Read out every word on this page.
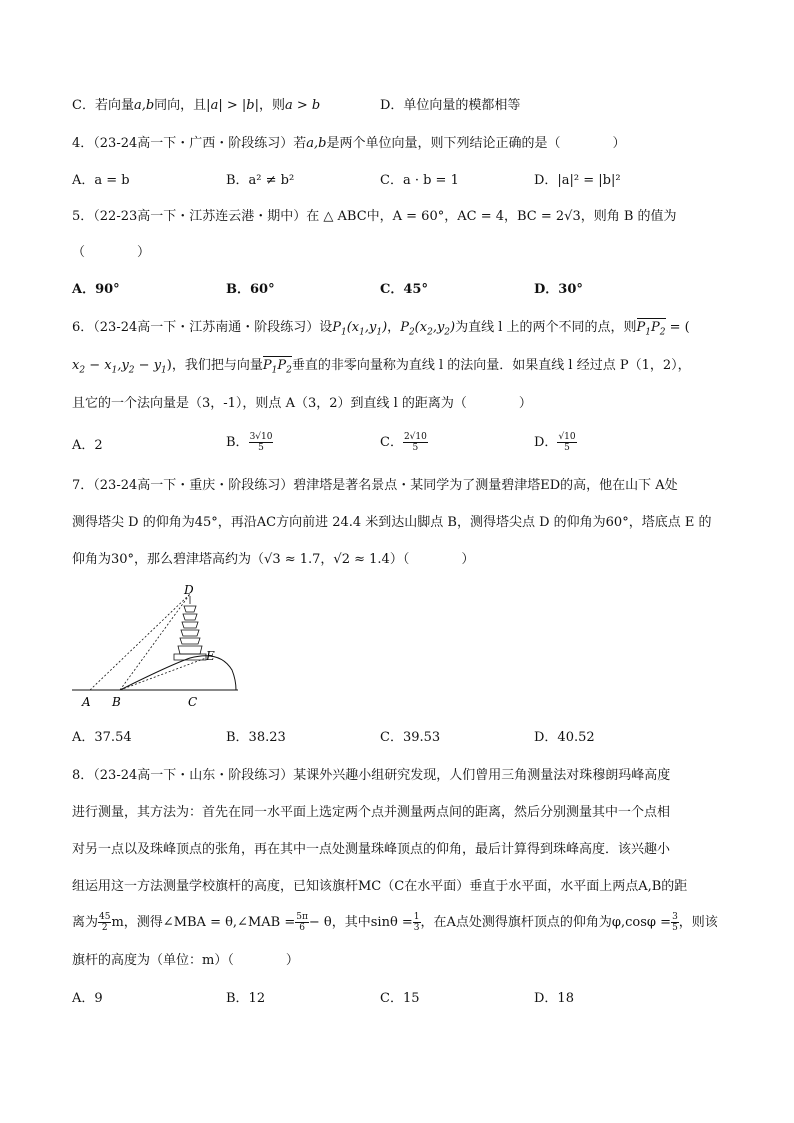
C．若向量a,b同向，且|a| > |b|，则a > b	D．单位向量的模都相等
4．（23-24高一下・广西・阶段练习）若a,b是两个单位向量，则下列结论正确的是（　　　　）
A．a = b	B．a² ≠ b²	C．a · b = 1	D．|a|² = |b|²
5．（22-23高一下・江苏连云港・期中）在 △ ABC中，A = 60°，AC = 4，BC = 2√3，则角 B 的值为
（　　　　）
A．90°	B．60°	C．45°	D．30°
6．（23-24高一下・江苏南通・阶段练习）设$P_1(x_1,y_1)$，$P_2(x_2,y_2)$为直线 l 上的两个不同的点，则$P_1P_2$ = (
$x_2 - x_1,y_2 - y_1$)，我们把与向量$P_1P_2$垂直的非零向量称为直线 l 的法向量．如果直线 l 经过点 P（1，2），
且它的一个法向量是（3，-1），则点 A（3，2）到直线 l 的距离为（　　　　）
A．2	B． $\frac{3√10}{5}$	C． $\frac{2√10}{5}$	D． $\frac{√10}{5}$
7．（23-24高一下・重庆・阶段练习）碧津塔是著名景点・某同学为了测量碧津塔ED的高，他在山下 A处
测得塔尖 D 的仰角为45°，再沿AC方向前进 24.4 米到达山脚点 B，测得塔尖点 D 的仰角为60°，塔底点 E 的
仰角为30°，那么碧津塔高约为（√3 ≈ 1.7，√2 ≈ 1.4）（　　　　）
D
E
A B	C
A．37.54	B．38.23	C．39.53	D．40.52
8．（23-24高一下・山东・阶段练习）某课外兴趣小组研究发现，人们曾用三角测量法对珠穆朗玛峰高度
进行测量，其方法为：首先在同一水平面上选定两个点并测量两点间的距离，然后分别测量其中一个点相
对另一点以及珠峰顶点的张角，再在其中一点处测量珠峰顶点的仰角，最后计算得到珠峰高度．该兴趣小
组运用这一方法测量学校旗杆的高度，已知该旗杆MC（C在水平面）垂直于水平面，水平面上两点A,B的距
离为 $\frac{45}{2}$ m，测得∠MBA = θ,∠MAB = $\frac{5\pi}{6} - \theta$，其中$\sin\theta = \frac{1}{3}$ ，在A点处测得旗杆顶点的仰角为$\varphi,\cos\varphi = \frac{3}{5}$ ，则该
旗杆的高度为（单位：m）（　　　　）
A．9	B．12	C．15	D．18
